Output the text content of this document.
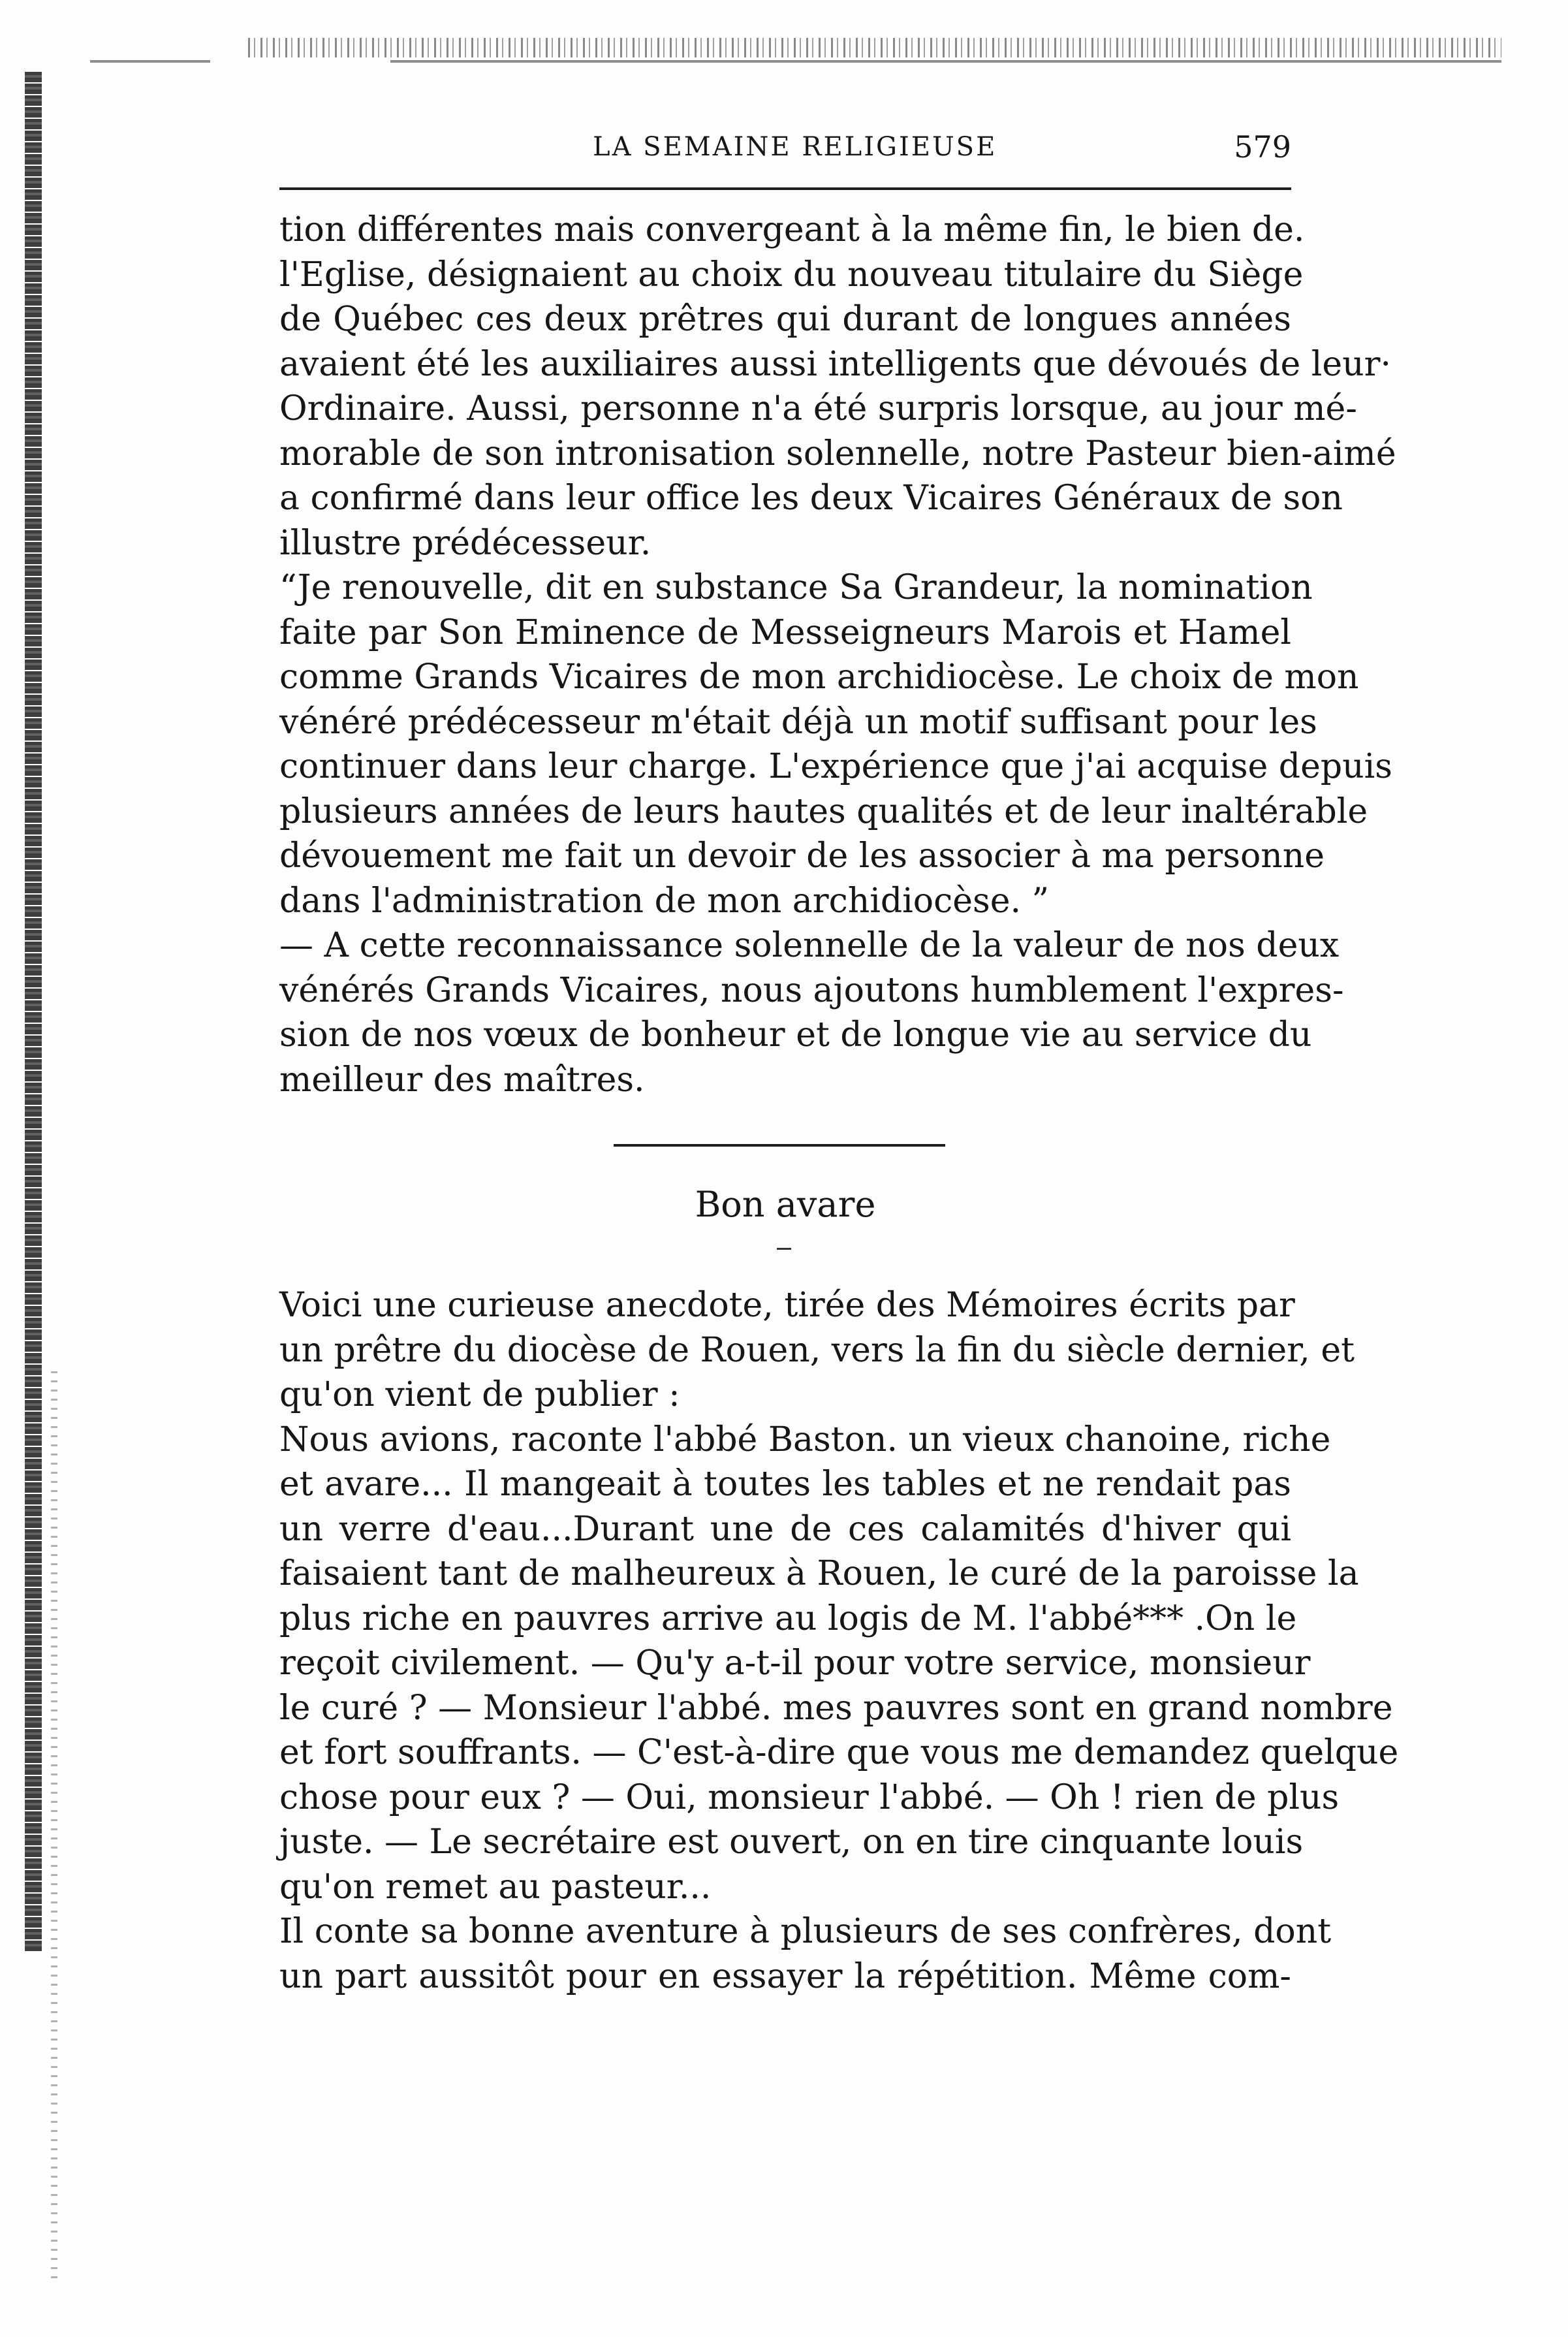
LA SEMAINE RELIGIEUSE	579
tion différentes mais convergeant à la même fin, le bien de.
l'Eglise, désignaient au choix du nouveau titulaire du Siège
de Québec ces deux prêtres qui durant de longues années
avaient été les auxiliaires aussi intelligents que dévoués de leur·
Ordinaire. Aussi, personne n'a été surpris lorsque, au jour mé-
morable de son intronisation solennelle, notre Pasteur bien-aimé
a confirmé dans leur office les deux Vicaires Généraux de son
illustre prédécesseur.
“Je renouvelle, dit en substance Sa Grandeur, la nomination
faite par Son Eminence de Messeigneurs Marois et Hamel
comme Grands Vicaires de mon archidiocèse. Le choix de mon
vénéré prédécesseur m'était déjà un motif suffisant pour les
continuer dans leur charge. L'expérience que j'ai acquise depuis
plusieurs années de leurs hautes qualités et de leur inaltérable
dévouement me fait un devoir de les associer à ma personne
dans l'administration de mon archidiocèse. ”
— A cette reconnaissance solennelle de la valeur de nos deux
vénérés Grands Vicaires, nous ajoutons humblement l'expres-
sion de nos vœux de bonheur et de longue vie au service du
meilleur des maîtres.
Bon avare
Voici une curieuse anecdote, tirée des Mémoires écrits par
un prêtre du diocèse de Rouen, vers la fin du siècle dernier, et
qu'on vient de publier :
Nous avions, raconte l'abbé Baston. un vieux chanoine, riche
et avare... Il mangeait à toutes les tables et ne rendait pas
un verre d'eau...Durant une de ces calamités d'hiver qui
faisaient tant de malheureux à Rouen, le curé de la paroisse la
plus riche en pauvres arrive au logis de M. l'abbé*** .On le
reçoit civilement. — Qu'y a-t-il pour votre service, monsieur
le curé ? — Monsieur l'abbé. mes pauvres sont en grand nombre
et fort souffrants. — C'est-à-dire que vous me demandez quelque
chose pour eux ? — Oui, monsieur l'abbé. — Oh ! rien de plus
juste. — Le secrétaire est ouvert, on en tire cinquante louis
qu'on remet au pasteur...
Il conte sa bonne aventure à plusieurs de ses confrères, dont
un part aussitôt pour en essayer la répétition. Même com-
